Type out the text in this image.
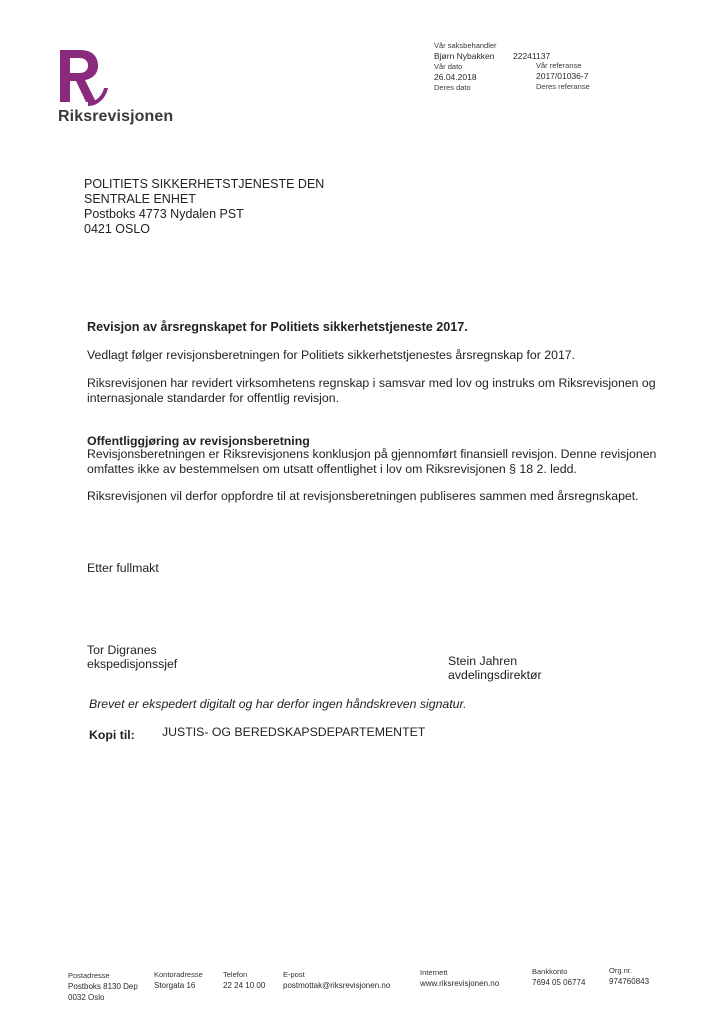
Riksrevisjonen
Vår saksbehandler
Bjørn Nybakken 22241137
Vår dato	Vår referanse
26.04.2018	2017/01036-7
Deres dato	Deres referanse
POLITIETS SIKKERHETSTJENESTE DEN
SENTRALE ENHET
Postboks 4773 Nydalen PST
0421 OSLO
Revisjon av årsregnskapet for Politiets sikkerhetstjeneste 2017.
Vedlagt følger revisjonsberetningen for Politiets sikkerhetstjenestes årsregnskap for 2017.
Riksrevisjonen har revidert virksomhetens regnskap i samsvar med lov og instruks om Riksrevisjonen og
internasjonale standarder for offentlig revisjon.
Offentliggjøring av revisjonsberetning
Revisjonsberetningen er Riksrevisjonens konklusjon på gjennomført finansiell revisjon. Denne revisjonen
omfattes ikke av bestemmelsen om utsatt offentlighet i lov om Riksrevisjonen § 18 2. ledd.
Riksrevisjonen vil derfor oppfordre til at revisjonsberetningen publiseres sammen med årsregnskapet.
Etter fullmakt
Tor Digranes
ekspedisjonssjef	Stein Jahren
avdelingsdirektør
Brevet er ekspedert digitalt og har derfor ingen håndskreven signatur.
Kopi til: JUSTIS- OG BEREDSKAPSDEPARTEMENTET
Postadresse
Postboks 8130 Dep
0032 Oslo
Kontoradresse
Storgata 16
Telefon
22 24 10 00
E-post
postmottak@riksrevisjonen.no
Internett
www.riksrevisjonen.no
Bankkonto
7694 05 06774
Org.nr.
974760843
